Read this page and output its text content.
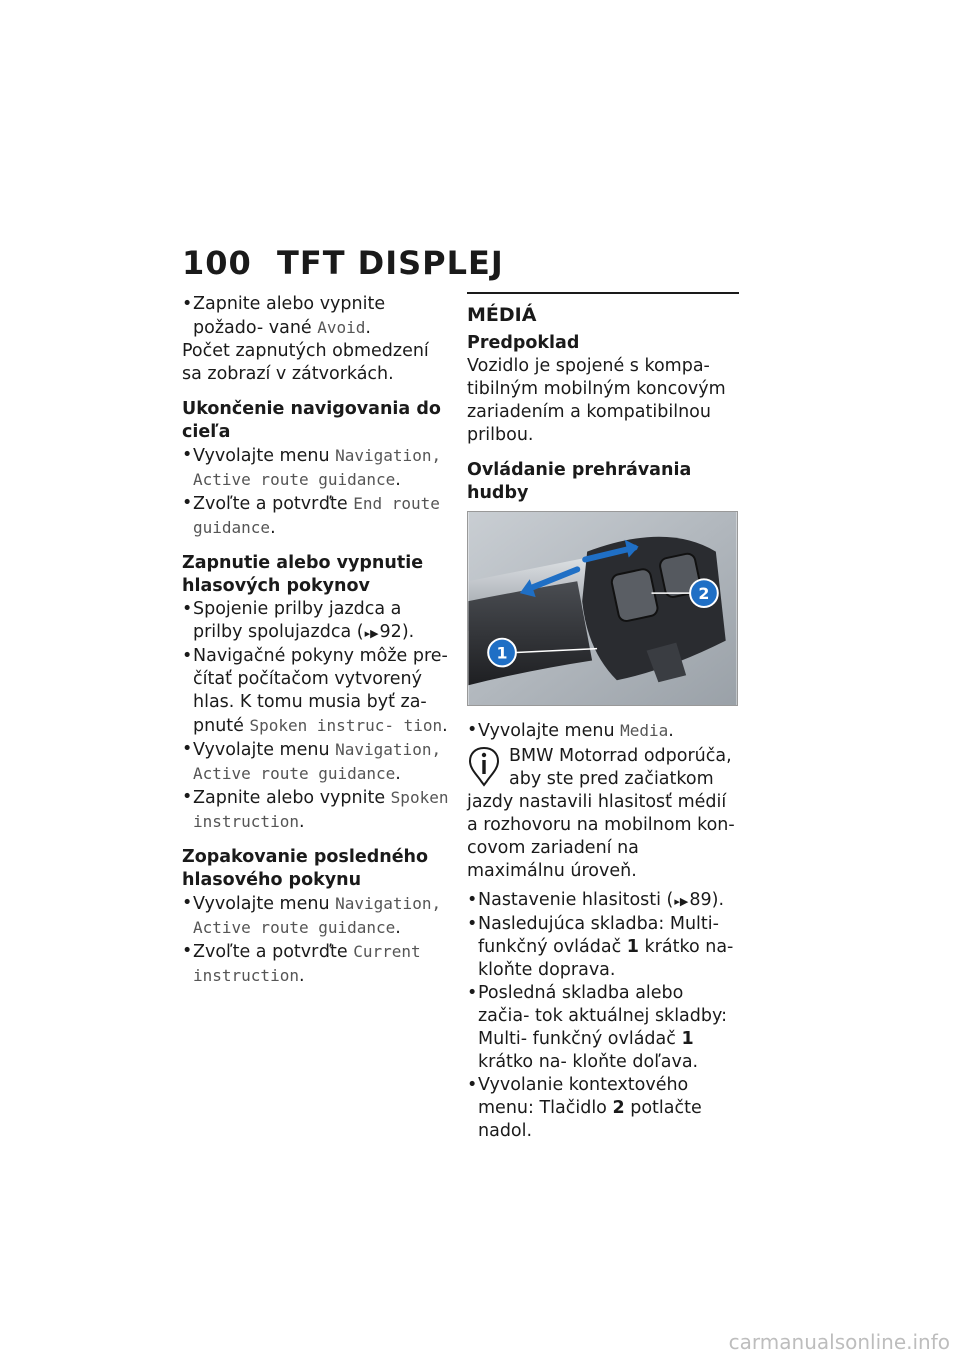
100 TFT DISPLEJ
• Zapnite alebo vypnite požado- vané Avoid.
Počet zapnutých obmedzení sa zobrazí v zátvorkách.
Ukončenie navigovania do cieľa
• Vyvolajte menu Navigation, Active route guidance.
• Zvoľte a potvrďte End route guidance.
Zapnutie alebo vypnutie hlasových pokynov
• Spojenie prilby jazdca a prilby spolujazdca (▸▶92).
• Navigačné pokyny môže pre- čítať počítačom vytvorený hlas. K tomu musia byť za- pnuté Spoken instruc- tion.
• Vyvolajte menu Navigation, Active route guidance.
• Zapnite alebo vypnite Spoken instruction.
Zopakovanie posledného hlasového pokynu
• Vyvolajte menu Navigation, Active route guidance.
• Zvoľte a potvrďte Current instruction.
MÉDIÁ
Predpoklad
Vozidlo je spojené s kompa- tibilným mobilným koncovým zariadením a kompatibilnou prilbou.
Ovládanie prehrávania hudby
1
2
• Vyvolajte menu Media.
BMW Motorrad odporúča, aby ste pred začiatkom
jazdy nastavili hlasitosť médií a rozhovoru na mobilnom kon- covom zariadení na maximálnu úroveň.
• Nastavenie hlasitosti (▸▶89).
• Nasledujúca skladba: Multi- funkčný ovládač 1 krátko na- kloňte doprava.
• Posledná skladba alebo začia- tok aktuálnej skladby: Multi- funkčný ovládač 1 krátko na- kloňte doľava.
• Vyvolanie kontextového menu: Tlačidlo 2 potlačte nadol.
carmanualsonline.info
